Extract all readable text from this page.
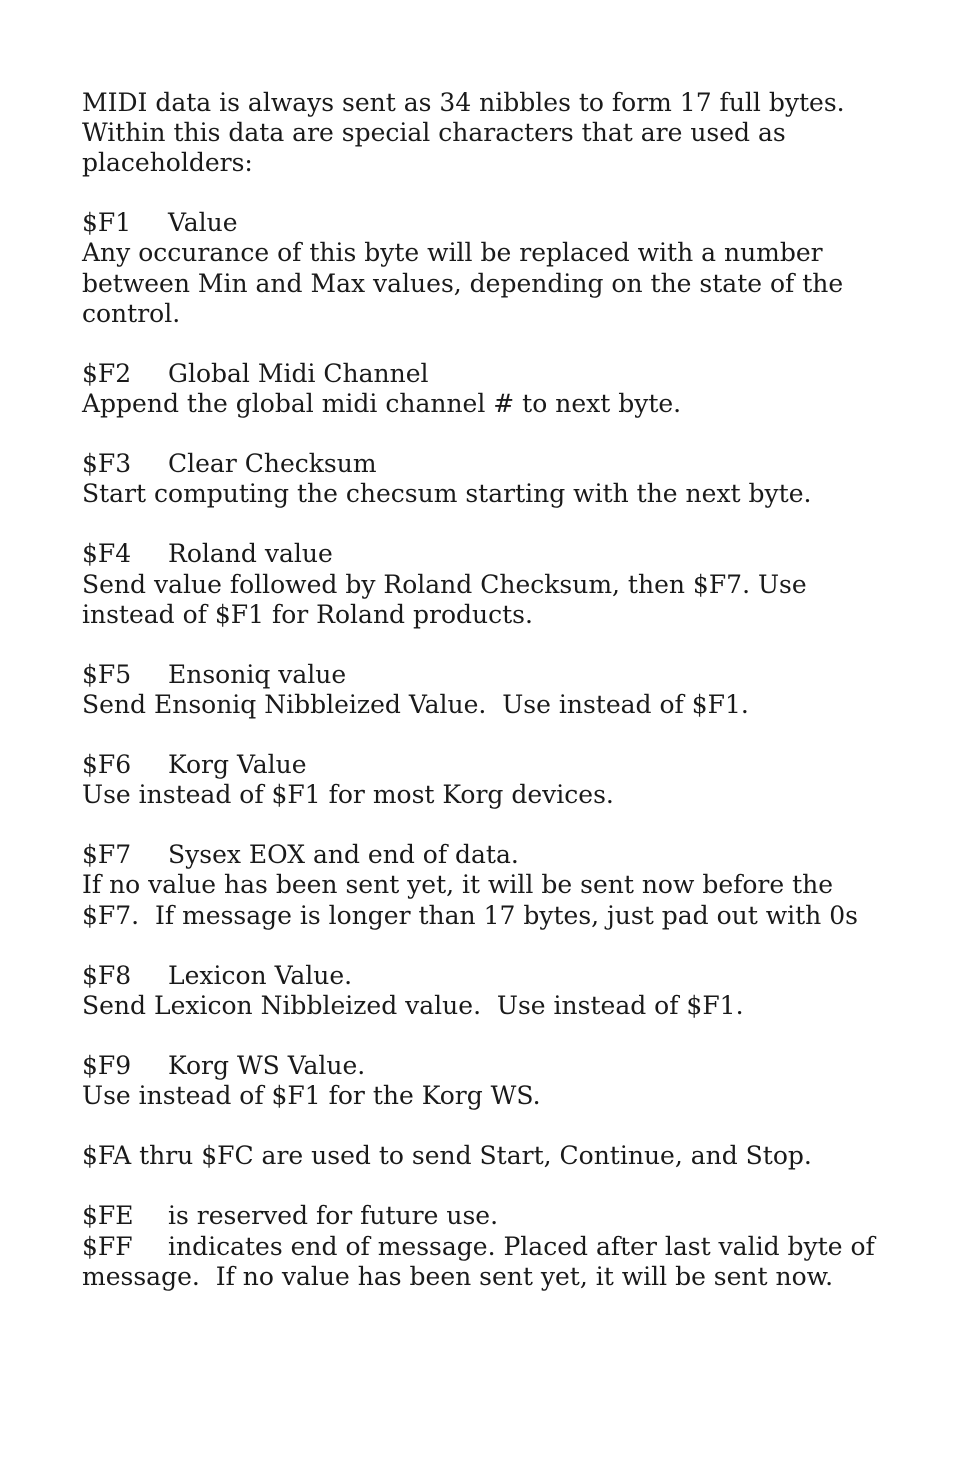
MIDI data is always sent as 34 nibbles to form 17 full bytes.
Within this data are special characters that are used as
placeholders:
$F1 Value
Any occurance of this byte will be replaced with a number
between Min and Max values, depending on the state of the
control.
$F2 Global Midi Channel
Append the global midi channel # to next byte.
$F3 Clear Checksum
Start computing the checsum starting with the next byte.
$F4 Roland value
Send value followed by Roland Checksum, then $F7. Use
instead of $F1 for Roland products.
$F5 Ensoniq value
Send Ensoniq Nibbleized Value.  Use instead of $F1.
$F6 Korg Value
Use instead of $F1 for most Korg devices.
$F7 Sysex EOX and end of data.
If no value has been sent yet, it will be sent now before the
$F7.  If message is longer than 17 bytes, just pad out with 0s
$F8 Lexicon Value.
Send Lexicon Nibbleized value.  Use instead of $F1.
$F9 Korg WS Value.
Use instead of $F1 for the Korg WS.
$FA thru $FC are used to send Start, Continue, and Stop.
$FE is reserved for future use.
$FF indicates end of message. Placed after last valid byte of
message.  If no value has been sent yet, it will be sent now.
